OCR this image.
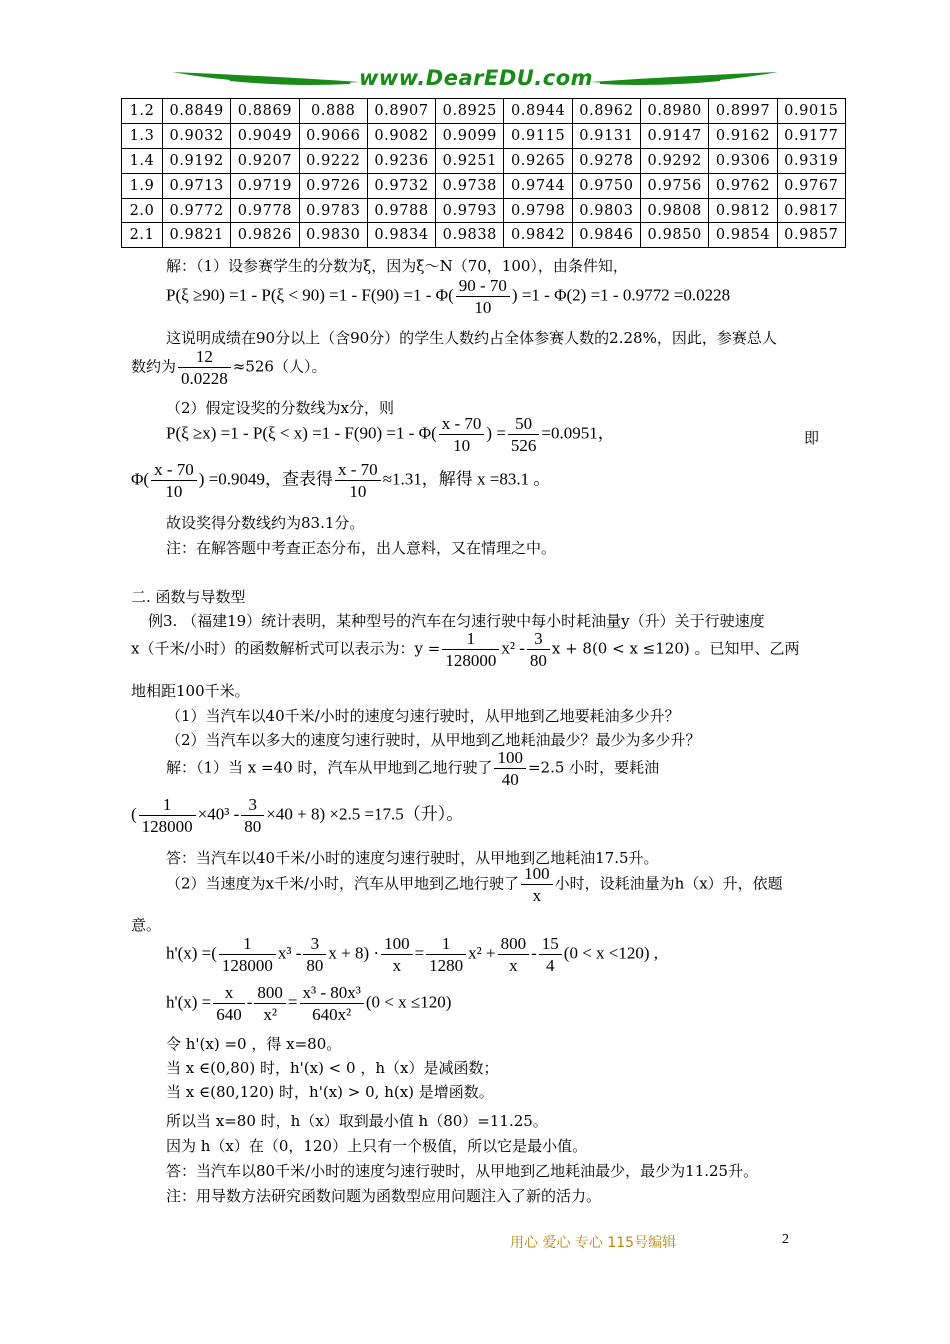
www.DearEDU.com
1.2	0.8849	0.8869	0.888	0.8907	0.8925	0.8944	0.8962	0.8980	0.8997	0.9015
1.3	0.9032	0.9049	0.9066	0.9082	0.9099	0.9115	0.9131	0.9147	0.9162	0.9177
1.4	0.9192	0.9207	0.9222	0.9236	0.9251	0.9265	0.9278	0.9292	0.9306	0.9319
1.9	0.9713	0.9719	0.9726	0.9732	0.9738	0.9744	0.9750	0.9756	0.9762	0.9767
2.0	0.9772	0.9778	0.9783	0.9788	0.9793	0.9798	0.9803	0.9808	0.9812	0.9817
2.1	0.9821	0.9826	0.9830	0.9834	0.9838	0.9842	0.9846	0.9850	0.9854	0.9857
解：（1）设参赛学生的分数为ξ，因为ξ～N（70，100），由条件知，
$P(\xi \ge 90) =1 - P(\xi < 90) =1 - F(90) =1 - \Phi( \frac{90 - 70}{10}$ ) =1 - Φ(2) =1 - 0.9772 =0.0228
这说明成绩在90分以上（含90分）的学生人数约占全体参赛人数的2.28%，因此，参赛总人
数约为 $\frac{12}{0.0228} \approx 526$（人）。
（2）假定设奖的分数线为x分，则
$P(\xi \ge x) =1 - P(\xi < x) =1 - F(90) =1 - \Phi( \frac{x - 70}{10}$ ) = $\frac{50}{526} =0.0951$，	即
$\Phi( \frac{x - 70}{10}$ ) =0.9049，查表得 $\frac{x - 70}{10} \approx 1.31$，解得 x =83.1 。
故设奖得分数线约为83.1分。
注：在解答题中考查正态分布，出人意料，又在情理之中。
二. 函数与导数型
例3. （福建19）统计表明，某种型号的汽车在匀速行驶中每小时耗油量y（升）关于行驶速度
x（千米/小时）的函数解析式可以表示为：$y = \frac{1}{128000} x^2 - \frac{3}{80}$ x + 8(0 < x ≤120) 。已知甲、乙两
地相距100千米。
（1）当汽车以40千米/小时的速度匀速行驶时，从甲地到乙地要耗油多少升？
（2）当汽车以多大的速度匀速行驶时，从甲地到乙地耗油最少？最少为多少升？
解：（1）当 x =40 时，汽车从甲地到乙地行驶了 $\frac{100}{40} =2.5$ 小时，要耗油
( $\frac{1}{128000} \times 40^3 - \frac{3}{80} \times 40 + 8) \times 2.5 =17.5$（升）。
答：当汽车以40千米/小时的速度匀速行驶时，从甲地到乙地耗油17.5升。
（2）当速度为x千米/小时，汽车从甲地到乙地行驶了 $\frac{100}{x}$ 小时，设耗油量为h（x）升，依题
意。
h'(x) =( $\frac{1}{128000} x^3 - \frac{3}{80}$ $x + 8) \cdot \frac{100}{x} = \frac{1}{1280} x^2 + \frac{800}{x} - \frac{15}{4} (0 < x <120)$ ,
$h'(x) = \frac{x}{640} - \frac{800}{\text{x²}} = \frac{\text{x³ - 80x³}}{\text{640x²}} (0 < x \le 120)$
令 h'(x) =0 ，得 x=80。
当 x ∈(0,80) 时，h'(x) < 0 ，h（x）是减函数；
当 x ∈(80,120) 时，h'(x) > 0, h(x) 是增函数。
所以当 x=80 时，h（x）取到最小值 h（80）=11.25。
因为 h（x）在（0，120）上只有一个极值，所以它是最小值。
答：当汽车以80千米/小时的速度匀速行驶时，从甲地到乙地耗油最少，最少为11.25升。
注：用导数方法研究函数问题为函数型应用问题注入了新的活力。
用心 爱心 专心 115号编辑	2
